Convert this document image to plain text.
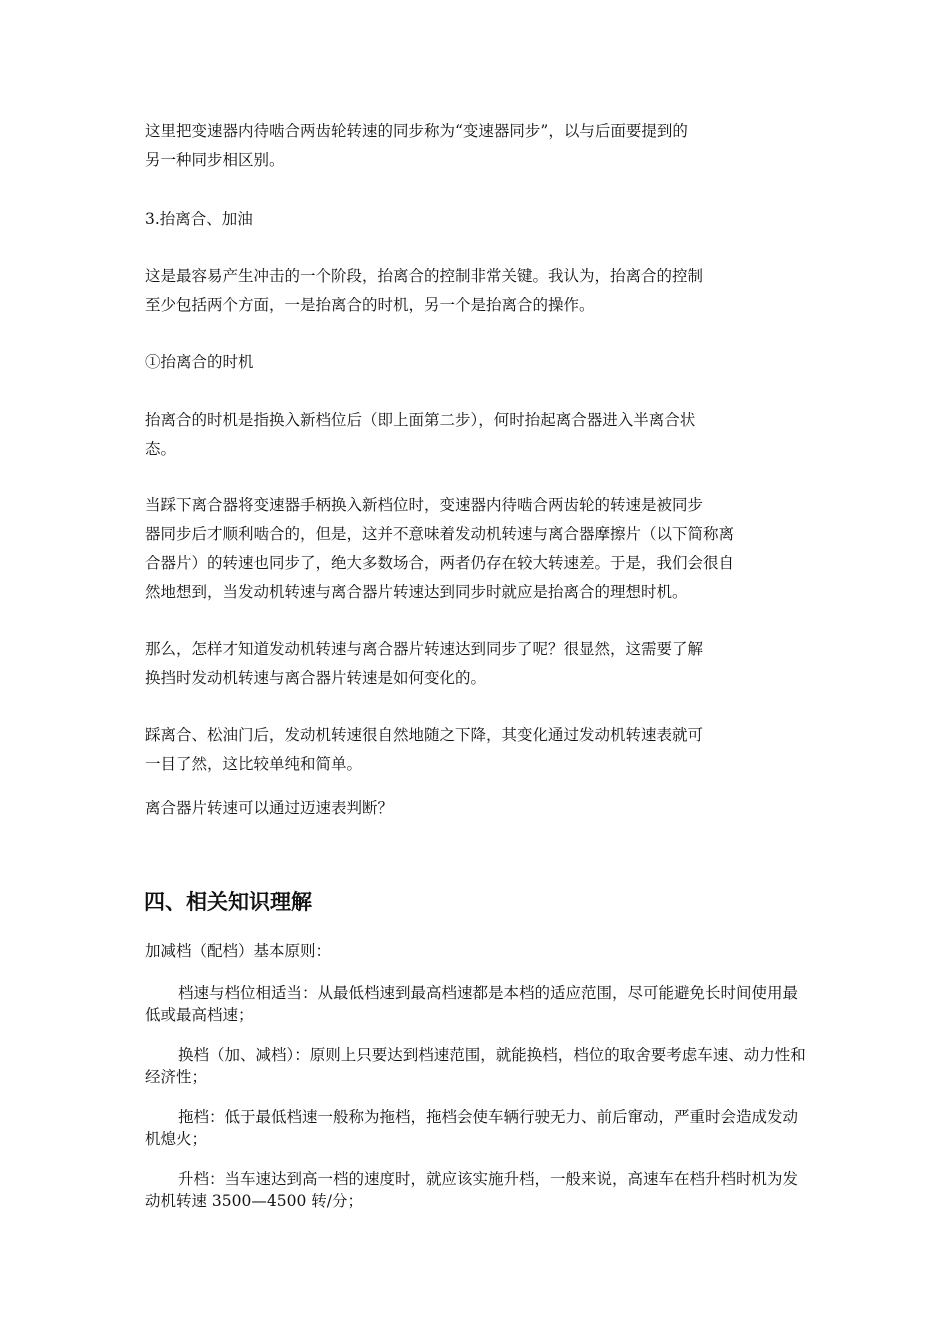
这里把变速器内待啮合两齿轮转速的同步称为“变速器同步”，以与后面要提到的
另一种同步相区别。
3.抬离合、加油
这是最容易产生冲击的一个阶段，抬离合的控制非常关键。我认为，抬离合的控制
至少包括两个方面，一是抬离合的时机，另一个是抬离合的操作。
①抬离合的时机
抬离合的时机是指换入新档位后（即上面第二步），何时抬起离合器进入半离合状
态。
当踩下离合器将变速器手柄换入新档位时，变速器内待啮合两齿轮的转速是被同步
器同步后才顺利啮合的，但是，这并不意味着发动机转速与离合器摩擦片（以下简称离
合器片）的转速也同步了，绝大多数场合，两者仍存在较大转速差。于是，我们会很自
然地想到，当发动机转速与离合器片转速达到同步时就应是抬离合的理想时机。
那么，怎样才知道发动机转速与离合器片转速达到同步了呢？很显然，这需要了解
换挡时发动机转速与离合器片转速是如何变化的。
踩离合、松油门后，发动机转速很自然地随之下降，其变化通过发动机转速表就可
一目了然，这比较单纯和简单。
离合器片转速可以通过迈速表判断？
四、相关知识理解
加减档（配档）基本原则：

档速与档位相适当：从最低档速到最高档速都是本档的适应范围，尽可能避免长时间使用最低或最高档速；

换档（加、减档）：原则上只要达到档速范围，就能换档，档位的取舍要考虑车速、动力性和经济性；

拖档：低于最低档速一般称为拖档，拖档会使车辆行驶无力、前后窜动，严重时会造成发动机熄火；

升档：当车速达到高一档的速度时，就应该实施升档，一般来说，高速车在档升档时机为发动机转速 3500—4500 转/分；
